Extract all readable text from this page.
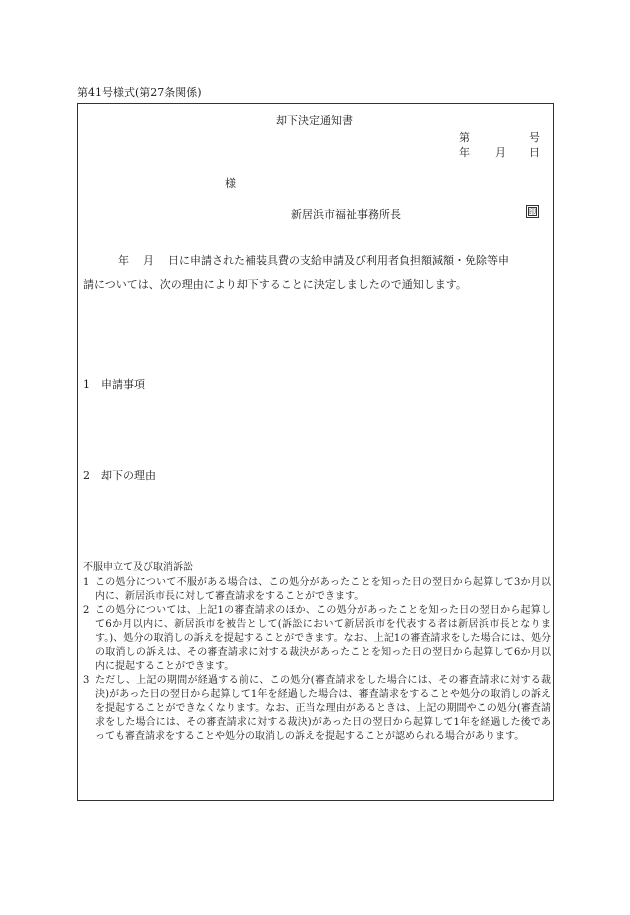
第41号様式(第27条関係)
却下決定通知書
第	号
年 月 日
様
新居浜市福祉事務所長	印
年 月 日に申請された補装具費の支給申請及び利用者負担額減額・免除等申
請については、次の理由により却下することに決定しましたので通知します。
1　申請事項
2　却下の理由
不服申立て及び取消訴訟
1 この処分について不服がある場合は、この処分があったことを知った日の翌日から起算して3か月以内に、新居浜市長に対して審査請求をすることができます。
2 この処分については、上記1の審査請求のほか、この処分があったことを知った日の翌日から起算して6か月以内に、新居浜市を被告として(訴訟において新居浜市を代表する者は新居浜市長となります。)、処分の取消しの訴えを提起することができます。なお、上記1の審査請求をした場合には、処分の取消しの訴えは、その審査請求に対する裁決があったことを知った日の翌日から起算して6か月以内に提起することができます。
3 ただし、上記の期間が経過する前に、この処分(審査請求をした場合には、その審査請求に対する裁決)があった日の翌日から起算して1年を経過した場合は、審査請求をすることや処分の取消しの訴えを提起することができなくなります。なお、正当な理由があるときは、上記の期間やこの処分(審査請求をした場合には、その審査請求に対する裁決)があった日の翌日から起算して1年を経過した後であっても審査請求をすることや処分の取消しの訴えを提起することが認められる場合があります。
